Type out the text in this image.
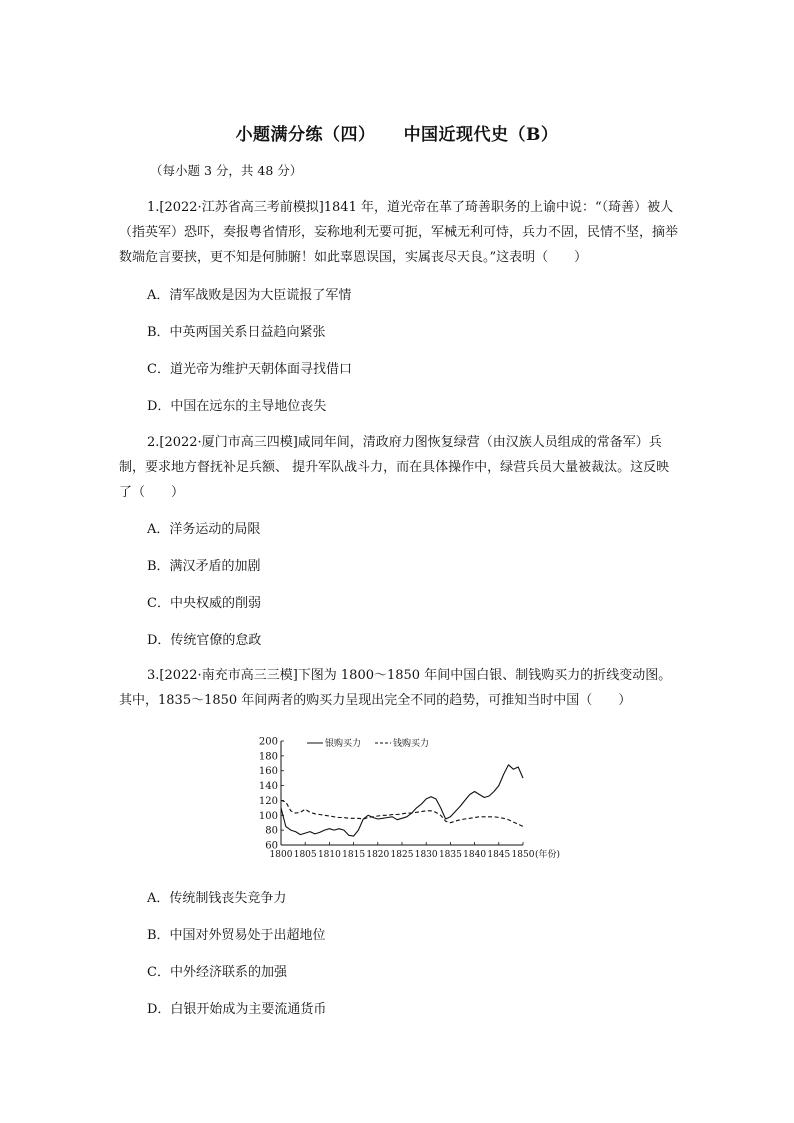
小题满分练（四） 中国近现代史（B）
（每小题 3 分，共 48 分）
1.[2022·江苏省高三考前模拟]1841 年，道光帝在革了琦善职务的上谕中说：“（琦善）被人（指英军）恐吓，奏报粤省情形，妄称地利无要可扼，军械无利可恃，兵力不固，民情不坚，摘举数端危言要挟，更不知是何肺腑！如此辜恩误国，实属丧尽天良。”这表明（　　）
A．清军战败是因为大臣谎报了军情
B．中英两国关系日益趋向紧张
C．道光帝为维护天朝体面寻找借口
D．中国在远东的主导地位丧失
2.[2022·厦门市高三四模]咸同年间，清政府力图恢复绿营（由汉族人员组成的常备军）兵制，要求地方督抚补足兵额、 提升军队战斗力，而在具体操作中，绿营兵员大量被裁汰。这反映了（　　）
A．洋务运动的局限
B．满汉矛盾的加剧
C．中央权威的削弱
D．传统官僚的怠政
3.[2022·南充市高三三模]下图为 1800～1850 年间中国白银、制钱购买力的折线变动图。其中，1835～1850 年间两者的购买力呈现出完全不同的趋势，可推知当时中国（　　）
200
180
160
140
120
100
80
60
1800 1805 1810 1815 1820 1825 1830 1835 1840 1845 1850 (年份)
银购买力	钱购买力
A．传统制钱丧失竞争力
B．中国对外贸易处于出超地位
C．中外经济联系的加强
D．白银开始成为主要流通货币
